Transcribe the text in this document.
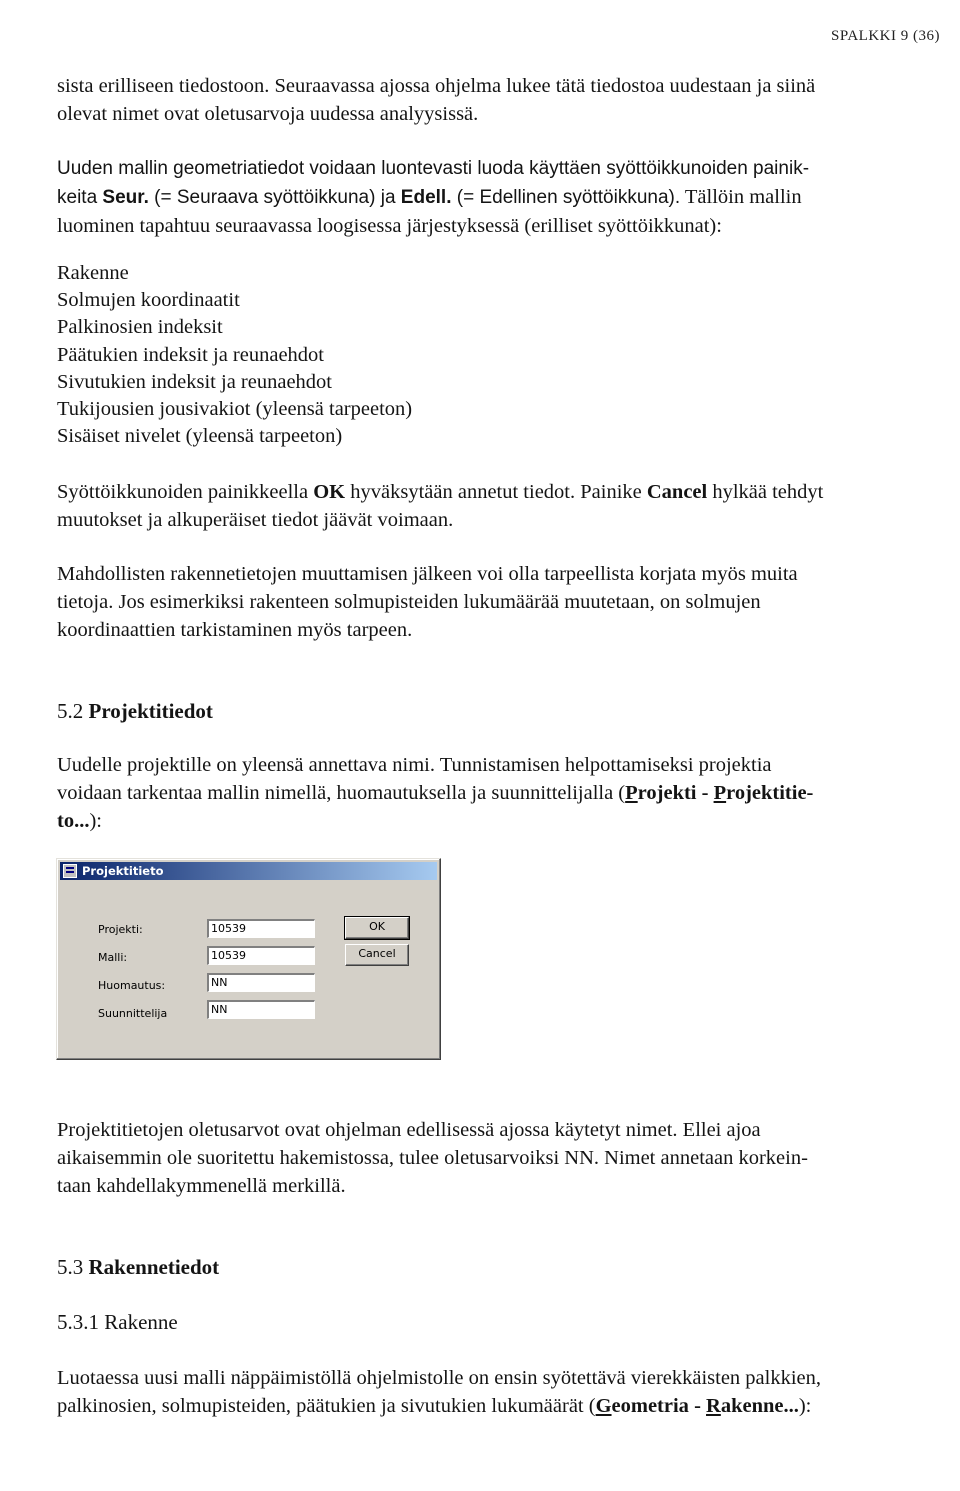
SPALKKI 9 (36)

sista erilliseen tiedostoon. Seuraavassa ajossa ohjelma lukee tätä tiedostoa uudestaan ja siinä
olevat nimet ovat oletusarvoja uudessa analyysissä.

Uuden mallin geometriatiedot voidaan luontevasti luoda käyttäen syöttöikkunoiden painik-
keita Seur. (= Seuraava syöttöikkuna) ja Edell. (= Edellinen syöttöikkuna). Tällöin mallin
luominen tapahtuu seuraavassa loogisessa järjestyksessä (erilliset syöttöikkunat):

Rakenne
Solmujen koordinaatit
Palkinosien indeksit
Päätukien indeksit ja reunaehdot
Sivutukien indeksit ja reunaehdot
Tukijousien jousivakiot (yleensä tarpeeton)
Sisäiset nivelet (yleensä tarpeeton)

Syöttöikkunoiden painikkeella OK hyväksytään annetut tiedot. Painike Cancel hylkää tehdyt
muutokset ja alkuperäiset tiedot jäävät voimaan.

Mahdollisten rakennetietojen muuttamisen jälkeen voi olla tarpeellista korjata myös muita
tietoja. Jos esimerkiksi rakenteen solmupisteiden lukumäärää muutetaan, on solmujen
koordinaattien tarkistaminen myös tarpeen.

5.2 Projektitiedot

Uudelle projektille on yleensä annettava nimi. Tunnistamisen helpottamiseksi projektia
voidaan tarkentaa mallin nimellä, huomautuksella ja suunnittelijalla (Projekti - Projektitie-
to...):

Projektitieto
Projekti:	10539
Malli:	10539
Huomautus:	NN
Suunnittelija	NN
OK
Cancel

Projektitietojen oletusarvot ovat ohjelman edellisessä ajossa käytetyt nimet. Ellei ajoa
aikaisemmin ole suoritettu hakemistossa, tulee oletusarvoiksi NN. Nimet annetaan korkein-
taan kahdellakymmenellä merkillä.

5.3 Rakennetiedot
5.3.1 Rakenne

Luotaessa uusi malli näppäimistöllä ohjelmistolle on ensin syötettävä vierekkäisten palkkien,
palkinosien, solmupisteiden, päätukien ja sivutukien lukumäärät (Geometria - Rakenne...):
